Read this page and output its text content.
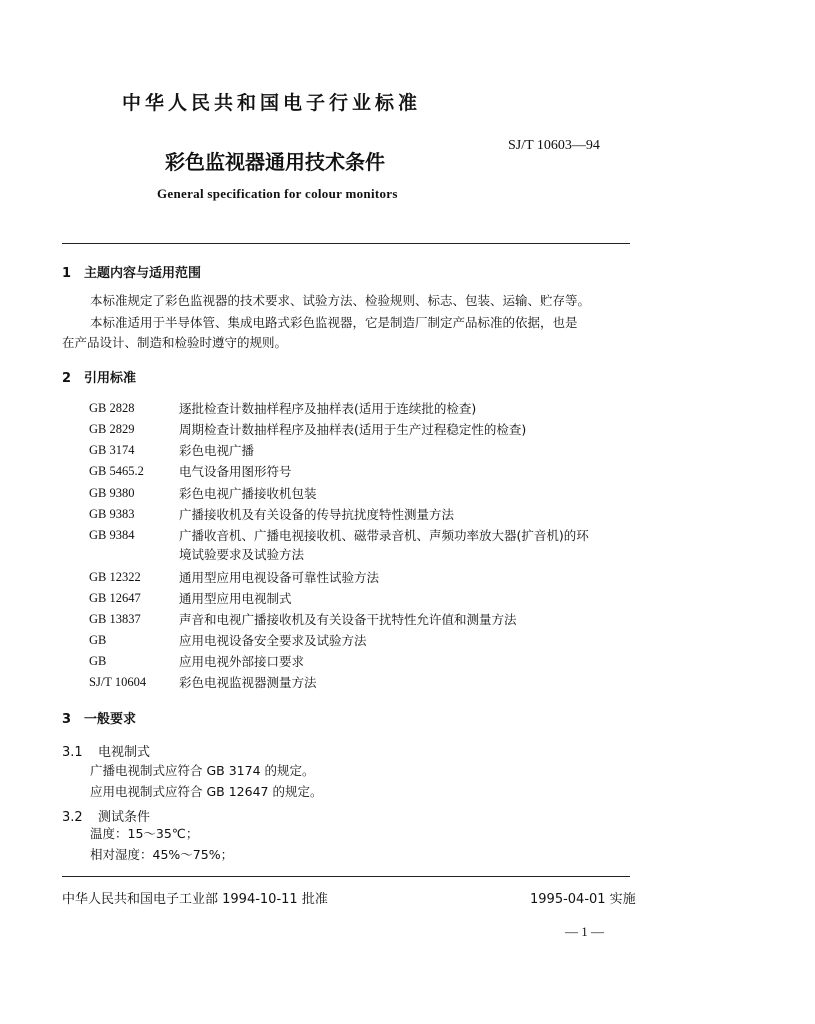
中华人民共和国电子行业标准
SJ/T 10603—94
彩色监视器通用技术条件
General specification for colour monitors
1 主题内容与适用范围
本标准规定了彩色监视器的技术要求、试验方法、检验规则、标志、包装、运输、贮存等。
本标准适用于半导体管、集成电路式彩色监视器，它是制造厂制定产品标准的依据，也是
在产品设计、制造和检验时遵守的规则。
2 引用标准
GB 2828	逐批检查计数抽样程序及抽样表(适用于连续批的检查)
GB 2829	周期检查计数抽样程序及抽样表(适用于生产过程稳定性的检查)
GB 3174	彩色电视广播
GB 5465.2	电气设备用图形符号
GB 9380	彩色电视广播接收机包装
GB 9383	广播接收机及有关设备的传导抗扰度特性测量方法
GB 9384	广播收音机、广播电视接收机、磁带录音机、声频功率放大器(扩音机)的环
境试验要求及试验方法
GB 12322	通用型应用电视设备可靠性试验方法
GB 12647	通用型应用电视制式
GB 13837	声音和电视广播接收机及有关设备干扰特性允许值和测量方法
GB	应用电视设备安全要求及试验方法
GB	应用电视外部接口要求
SJ/T 10604	彩色电视监视器测量方法
3 一般要求
3.1 电视制式
广播电视制式应符合 GB 3174 的规定。
应用电视制式应符合 GB 12647 的规定。
3.2 测试条件
温度：15～35℃；
相对湿度：45%～75%；
中华人民共和国电子工业部 1994-10-11 批准	1995-04-01 实施
— 1 —
